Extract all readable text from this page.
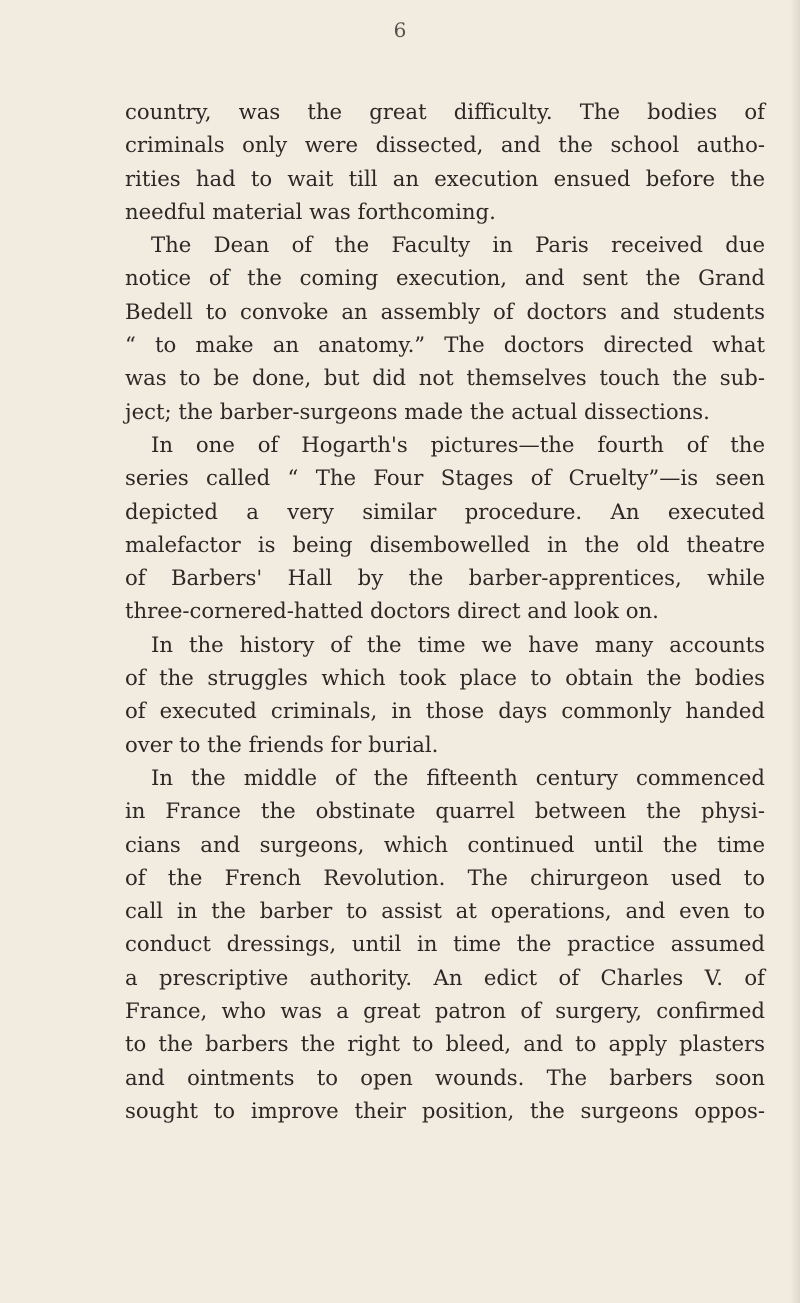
6
country, was the great difficulty. The bodies of
criminals only were dissected, and the school autho-
rities had to wait till an execution ensued before the
needful material was forthcoming.
The Dean of the Faculty in Paris received due
notice of the coming execution, and sent the Grand
Bedell to convoke an assembly of doctors and students
“ to make an anatomy.” The doctors directed what
was to be done, but did not themselves touch the sub-
ject; the barber-surgeons made the actual dissections.
In one of Hogarth's pictures—the fourth of the
series called “ The Four Stages of Cruelty”—is seen
depicted a very similar procedure. An executed
malefactor is being disembowelled in the old theatre
of Barbers' Hall by the barber-apprentices, while
three-cornered-hatted doctors direct and look on.
In the history of the time we have many accounts
of the struggles which took place to obtain the bodies
of executed criminals, in those days commonly handed
over to the friends for burial.
In the middle of the fifteenth century commenced
in France the obstinate quarrel between the physi-
cians and surgeons, which continued until the time
of the French Revolution. The chirurgeon used to
call in the barber to assist at operations, and even to
conduct dressings, until in time the practice assumed
a prescriptive authority. An edict of Charles V. of
France, who was a great patron of surgery, confirmed
to the barbers the right to bleed, and to apply plasters
and ointments to open wounds. The barbers soon
sought to improve their position, the surgeons oppos-
